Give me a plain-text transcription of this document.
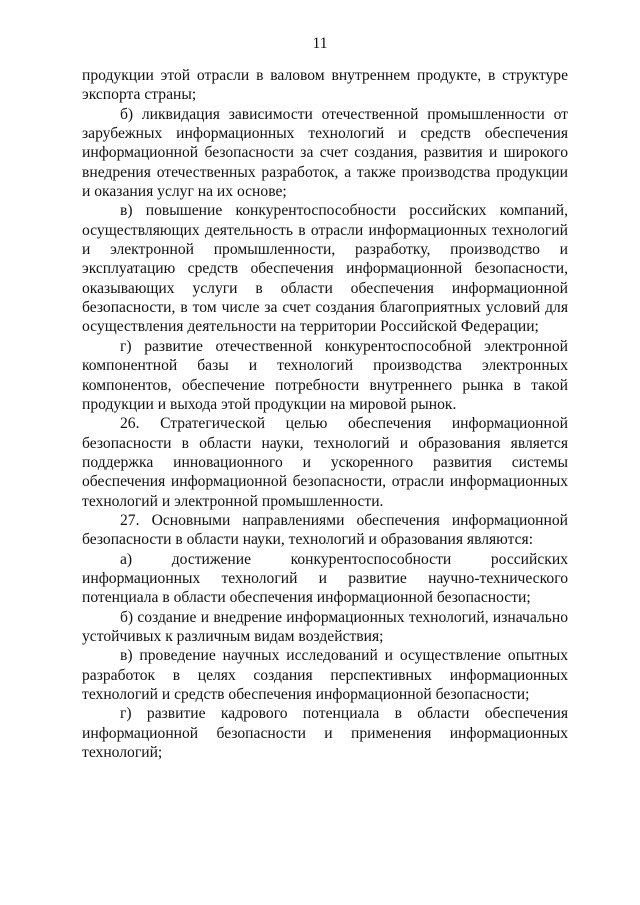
11

продукции этой отрасли в валовом внутреннем продукте, в структуре экспорта страны;

б) ликвидация зависимости отечественной промышленности от зарубежных информационных технологий и средств обеспечения информационной безопасности за счет создания, развития и широкого внедрения отечественных разработок, а также производства продукции и оказания услуг на их основе;

в) повышение конкурентоспособности российских компаний, осуществляющих деятельность в отрасли информационных технологий и электронной промышленности, разработку, производство и эксплуатацию средств обеспечения информационной безопасности, оказывающих услуги в области обеспечения информационной безопасности, в том числе за счет создания благоприятных условий для осуществления деятельности на территории Российской Федерации;

г) развитие отечественной конкурентоспособной электронной компонентной базы и технологий производства электронных компонентов, обеспечение потребности внутреннего рынка в такой продукции и выхода этой продукции на мировой рынок.

26. Стратегической целью обеспечения информационной безопасности в области науки, технологий и образования является поддержка инновационного и ускоренного развития системы обеспечения информационной безопасности, отрасли информационных технологий и электронной промышленности.

27. Основными направлениями обеспечения информационной безопасности в области науки, технологий и образования являются:

а) достижение конкурентоспособности российских информационных технологий и развитие научно-технического потенциала в области обеспечения информационной безопасности;

б) создание и внедрение информационных технологий, изначально устойчивых к различным видам воздействия;

в) проведение научных исследований и осуществление опытных разработок в целях создания перспективных информационных технологий и средств обеспечения информационной безопасности;

г) развитие кадрового потенциала в области обеспечения информационной безопасности и применения информационных технологий;
